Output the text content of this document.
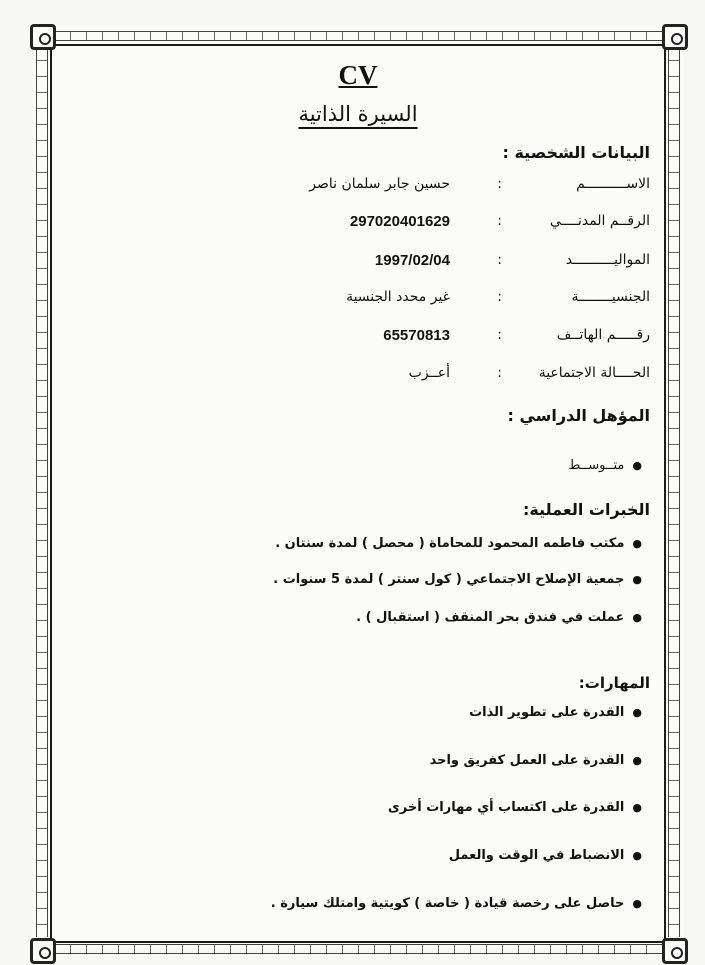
CV
السيرة الذاتية
البيانات الشخصية :
الاســــــــــم
:
حسين جابر سلمان ناصر
الرقــم المدنــــي
:
297020401629
المواليــــــــــد
:
1997/02/04
الجنسيــــــــة
:
غير محدد الجنسية
رقـــــم الهاتــف
:
65570813
الحــــالة الاجتماعية
:
أعــزب
المؤهل الدراسي :
●متــوســط
الخبرات العملية:
●مكتب فاطمه المحمود للمحاماة ( محصل ) لمدة سنتان .
●جمعية الإصلاح الاجتماعي ( كول سنتر ) لمدة 5 سنوات .
●عملت في فندق بحر المنقف ( استقبال ) .
المهارات:
●القدرة على تطوير الذات
●القدرة على العمل كفريق واحد
●القدرة على اكتساب أي مهارات أخرى
●الانضباط في الوقت والعمل
●حاصل على رخصة قيادة ( خاصة ) كويتية وامتلك سيارة .
